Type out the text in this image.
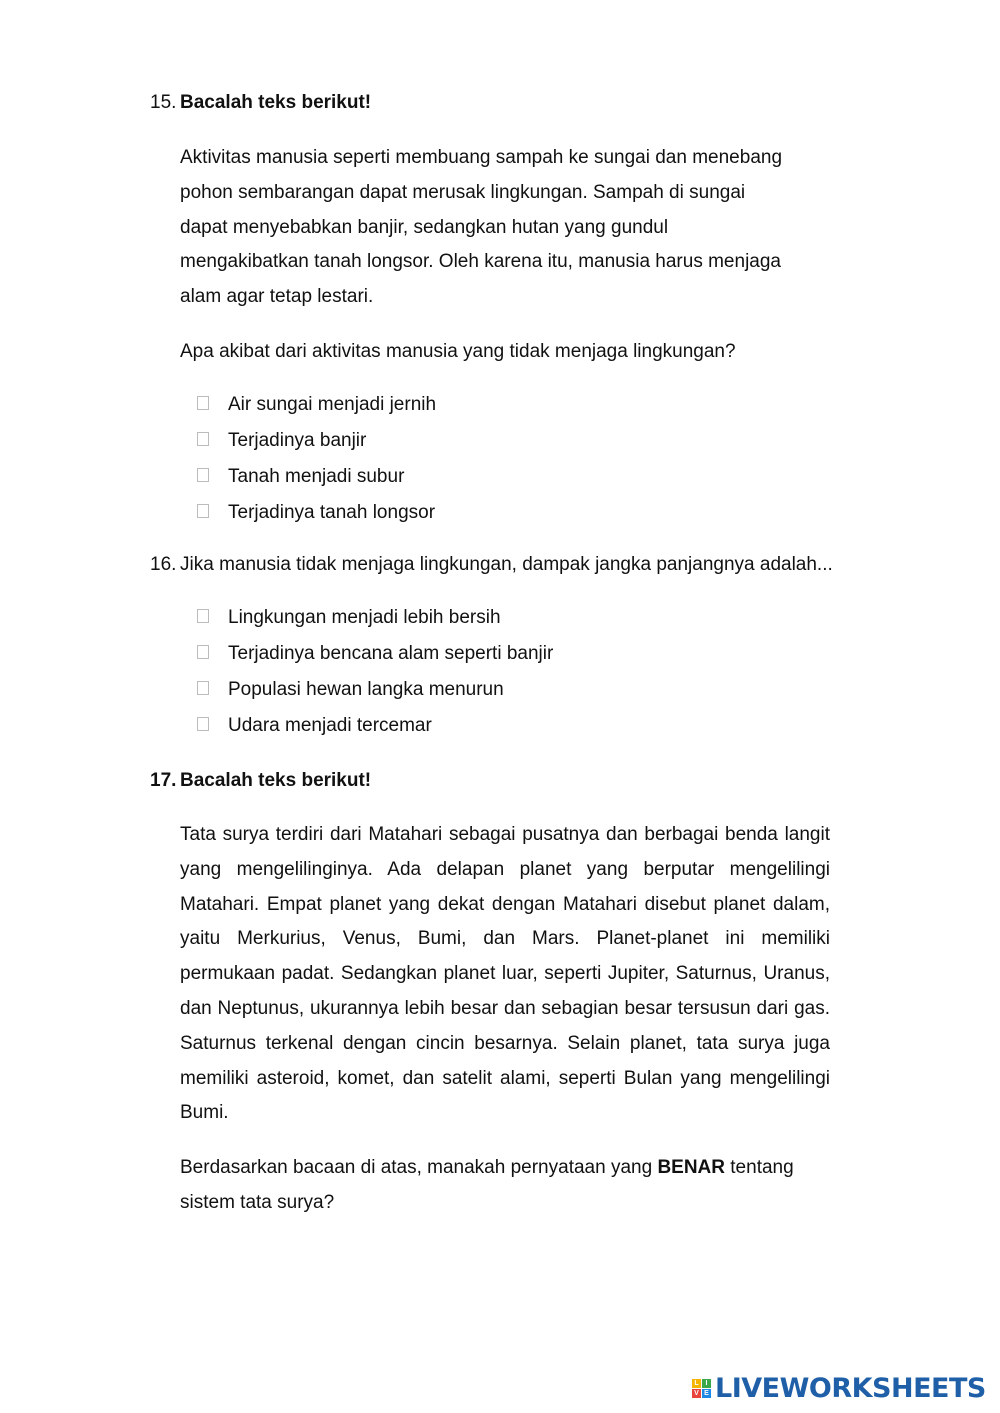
15. Bacalah teks berikut!
Aktivitas manusia seperti membuang sampah ke sungai dan menebang
pohon sembarangan dapat merusak lingkungan. Sampah di sungai
dapat menyebabkan banjir, sedangkan hutan yang gundul
mengakibatkan tanah longsor. Oleh karena itu, manusia harus menjaga
alam agar tetap lestari.
Apa akibat dari aktivitas manusia yang tidak menjaga lingkungan?
Air sungai menjadi jernih
Terjadinya banjir
Tanah menjadi subur
Terjadinya tanah longsor
16. Jika manusia tidak menjaga lingkungan, dampak jangka panjangnya adalah...
Lingkungan menjadi lebih bersih
Terjadinya bencana alam seperti banjir
Populasi hewan langka menurun
Udara menjadi tercemar
17. Bacalah teks berikut!

Tata surya terdiri dari Matahari sebagai pusatnya dan berbagai benda langit yang mengelilinginya. Ada delapan planet yang berputar mengelilingi Matahari. Empat planet yang dekat dengan Matahari disebut planet dalam, yaitu Merkurius, Venus, Bumi, dan Mars. Planet-planet ini memiliki permukaan padat. Sedangkan planet luar, seperti Jupiter, Saturnus, Uranus, dan Neptunus, ukurannya lebih besar dan sebagian besar tersusun dari gas. Saturnus terkenal dengan cincin besarnya. Selain planet, tata surya juga memiliki asteroid, komet, dan satelit alami, seperti Bulan yang mengelilingi Bumi.

Berdasarkan bacaan di atas, manakah pernyataan yang BENAR tentang
sistem tata surya?
L I
V E LIVEWORKSHEETS
